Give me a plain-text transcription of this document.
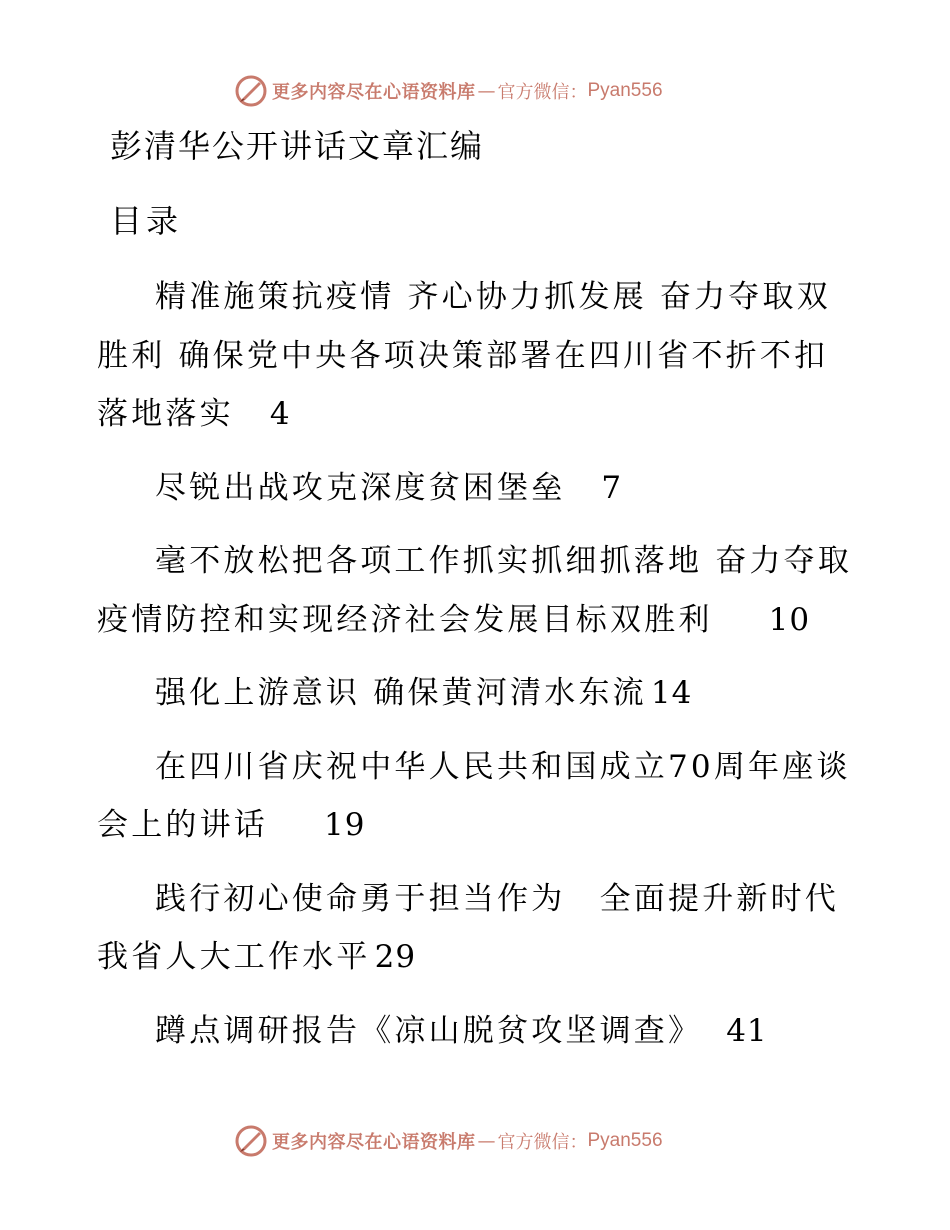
更多内容尽在心语资料库 — 官方微信： Pyan556
彭清华公开讲话文章汇编
目录
精准施策抗疫情 齐心协力抓发展 奋力夺取双胜利 确保党中央各项决策部署在四川省不折不扣落地落实 4
尽锐出战攻克深度贫困堡垒 7
毫不放松把各项工作抓实抓细抓落地 奋力夺取疫情防控和实现经济社会发展目标双胜利 10
强化上游意识 确保黄河清水东流 14
在四川省庆祝中华人民共和国成立70周年座谈会上的讲话 19
践行初心使命勇于担当作为　全面提升新时代我省人大工作水平 29
蹲点调研报告《凉山脱贫攻坚调查》 41
更多内容尽在心语资料库 — 官方微信： Pyan556
